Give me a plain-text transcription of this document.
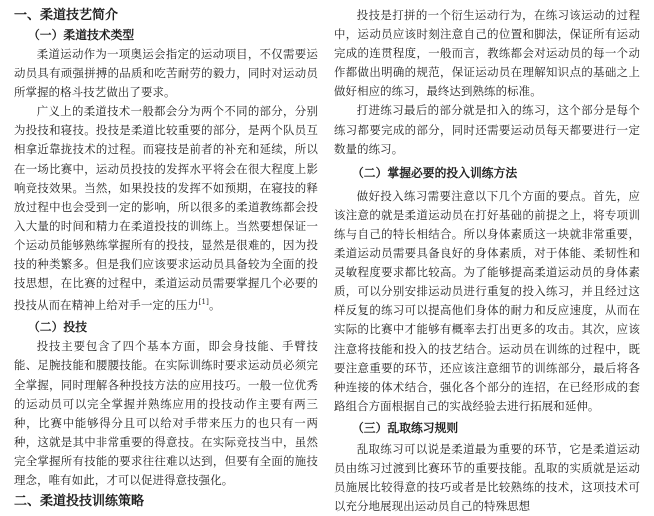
一、柔道技艺简介
（一）柔道技术类型

柔道运动作为一项奥运会指定的运动项目，不仅需要运动员具有顽强拼搏的品质和吃苦耐劳的毅力，同时对运动员所掌握的格斗技艺做出了要求。

广义上的柔道技术一般都会分为两个不同的部分，分别为投技和寝技。投技是柔道比较重要的部分，是两个队员互相拿近靠拢技术的过程。而寝技是前者的补充和延续，所以在一场比赛中，运动员投技的发挥水平将会在很大程度上影响竞技效果。当然，如果投技的发挥不如预期，在寝技的释放过程中也会受到一定的影响，所以很多的柔道教练都会投入大量的时间和精力在柔道投技的训练上。当然要想保证一个运动员能够熟练掌握所有的投技，显然是很难的，因为投技的种类繁多。但是我们应该要求运动员具备较为全面的投技思想，在比赛的过程中，柔道运动员需要掌握几个必要的投技从而在精神上给对手一定的压力[1]。

（二）投技

投技主要包含了四个基本方面，即会身技能、手臂技能、足腕技能和腰腰技能。在实际训练时要求运动员必须完全掌握，同时理解各种投技方法的应用技巧。一般一位优秀的运动员可以完全掌握并熟练应用的投技动作主要有两三种，比赛中能够得分且可以给对手带来压力的也只有一两种，这就是其中非常重要的得意技。在实际竞技当中，虽然完全掌握所有技能的要求往往难以达到，但要有全面的施技理念，唯有如此，才可以促进得意技强化。

二、柔道投技训练策略

投技是打拼的一个衍生运动行为，在练习该运动的过程中，运动员应该时刻注意自己的位置和脚法，保证所有运动完成的连贯程度，一般而言，教练都会对运动员的每一个动作都做出明确的规范，保证运动员在理解知识点的基础之上做好相应的练习，最终达到熟练的标准。

打进练习最后的部分就是扣入的练习，这个部分是每个练习都要完成的部分，同时还需要运动员每天都要进行一定数量的练习。

（二）掌握必要的投入训练方法

做好投入练习需要注意以下几个方面的要点。首先，应该注意的就是柔道运动员在打好基础的前提之上，将专项训练与自己的特长相结合。所以身体素质这一块就非常重要，柔道运动员需要具备良好的身体素质，对于体能、柔韧性和灵敏程度要求都比较高。为了能够提高柔道运动员的身体素质，可以分别安排运动员进行重复的投入练习，并且经过这样反复的练习可以提高他们身体的耐力和反应速度，从而在实际的比赛中才能够有概率去打出更多的攻击。其次，应该注意将技能和投入的技艺结合。运动员在训练的过程中，既要注意重要的环节，还应该注意细节的训练部分，最后将各种连接的体术结合，强化各个部分的连招，在已经形成的套路组合方面根据自己的实战经验去进行拓展和延伸。

（三）乱取练习规则

乱取练习可以说是柔道最为重要的环节，它是柔道运动员由练习过渡到比赛环节的重要技能。乱取的实质就是运动员施展比较得意的技巧或者是比较熟练的技术，这项技术可以充分地展现出运动员自己的特殊思想
